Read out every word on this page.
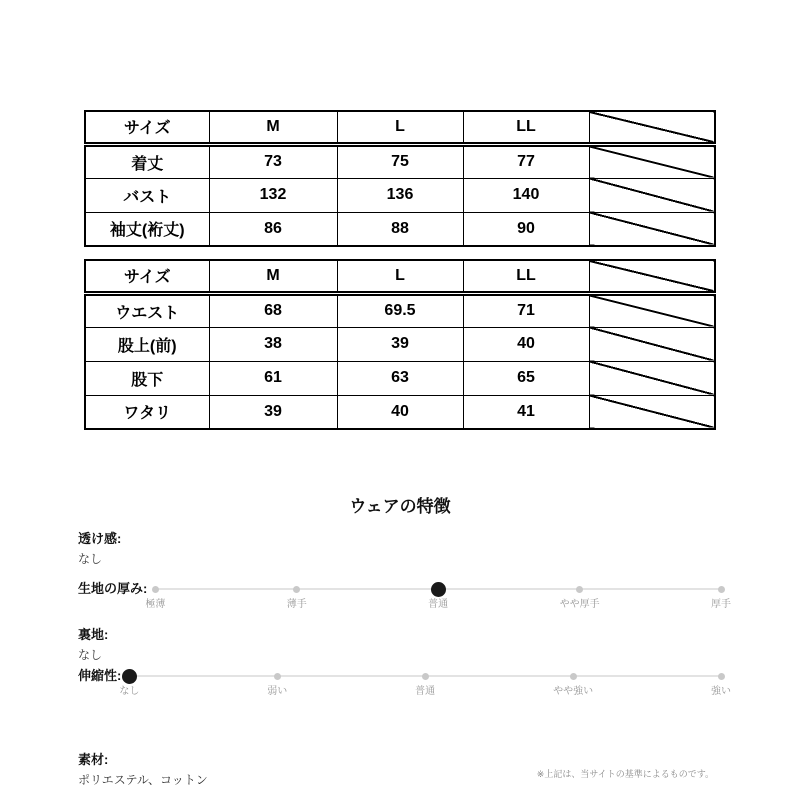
サイズ	M	L	LL	
着丈	73	75	77	
バスト	132	136	140	
袖丈(裄丈)	86	88	90	
サイズ	M	L	LL	
ウエスト	68	69.5	71	
股上(前)	38	39	40	
股下	61	63	65	
ワタリ	39	40	41	
ウェアの特徴
透け感:
なし
生地の厚み:
極薄	薄手	普通	やや厚手	厚手
裏地:
なし
伸縮性:
なし	弱い	普通	やや強い	強い
素材:
ポリエステル、コットン	※上記は、当サイトの基準によるものです。
